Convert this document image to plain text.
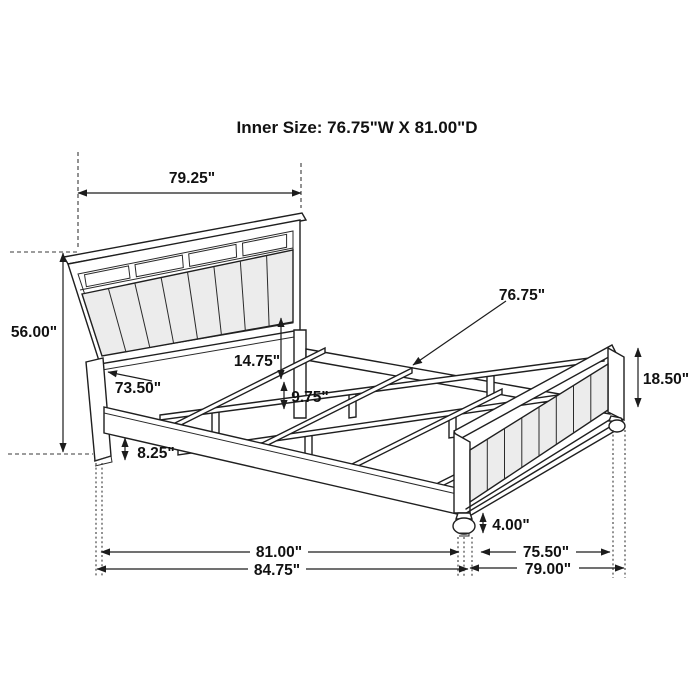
Inner Size: 76.75"W X 81.00"D
79.25"
56.00"
73.50"
14.75"
9.75"
8.25"
76.75"
18.50"
4.00"
81.00"
84.75"
75.50"
79.00"
